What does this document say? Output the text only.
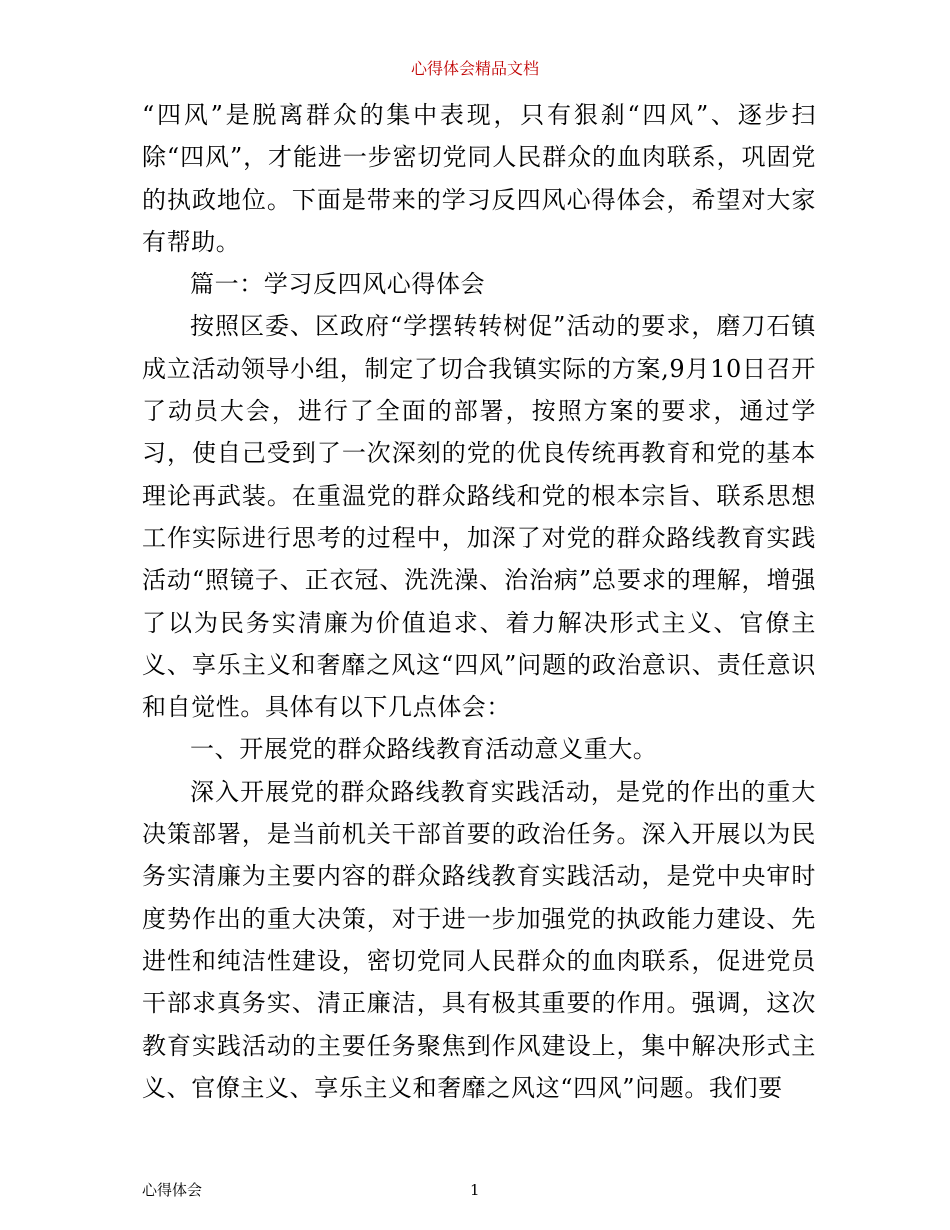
心得体会精品文档

“四风”是脱离群众的集中表现，只有狠刹“四风”、逐步扫除“四风”，才能进一步密切党同人民群众的血肉联系，巩固党的执政地位。下面是带来的学习反四风心得体会，希望对大家有帮助。

篇一：学习反四风心得体会

按照区委、区政府“学摆转转树促”活动的要求，磨刀石镇成立活动领导小组，制定了切合我镇实际的方案,9月10日召开了动员大会，进行了全面的部署，按照方案的要求，通过学习，使自己受到了一次深刻的党的优良传统再教育和党的基本理论再武装。在重温党的群众路线和党的根本宗旨、联系思想工作实际进行思考的过程中，加深了对党的群众路线教育实践活动“照镜子、正衣冠、洗洗澡、治治病”总要求的理解，增强了以为民务实清廉为价值追求、着力解决形式主义、官僚主义、享乐主义和奢靡之风这“四风”问题的政治意识、责任意识和自觉性。具体有以下几点体会：

一、开展党的群众路线教育活动意义重大。

深入开展党的群众路线教育实践活动，是党的作出的重大决策部署，是当前机关干部首要的政治任务。深入开展以为民务实清廉为主要内容的群众路线教育实践活动，是党中央审时度势作出的重大决策，对于进一步加强党的执政能力建设、先进性和纯洁性建设，密切党同人民群众的血肉联系，促进党员干部求真务实、清正廉洁，具有极其重要的作用。强调，这次教育实践活动的主要任务聚焦到作风建设上，集中解决形式主义、官僚主义、享乐主义和奢靡之风这“四风”问题。我们要

心得体会	1
